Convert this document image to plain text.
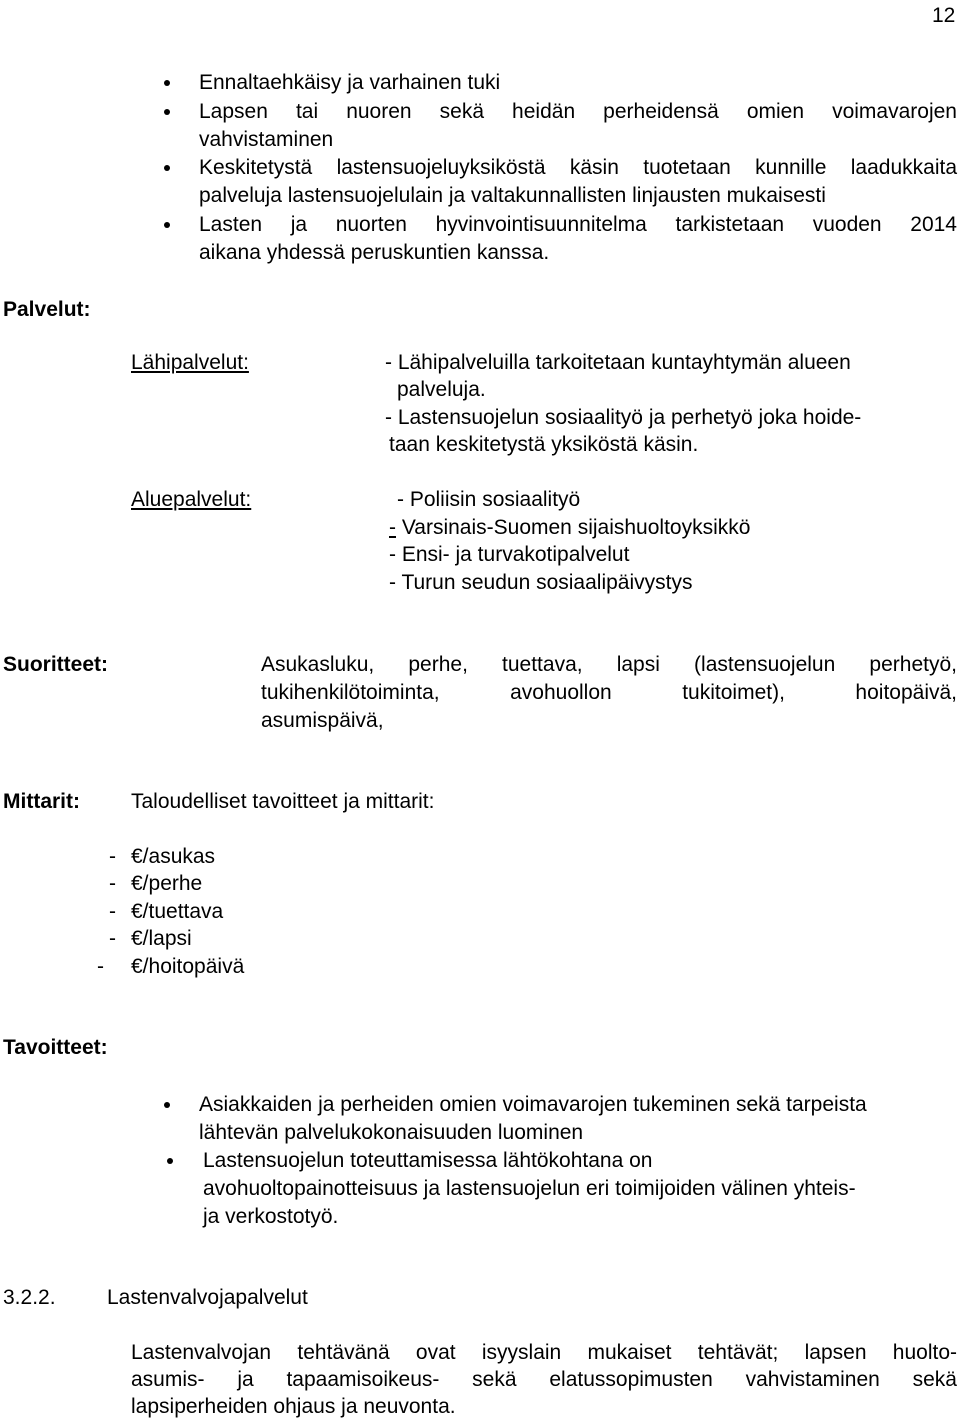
12
Ennaltaehkäisy ja varhainen tuki
Lapsen tai nuoren sekä heidän perheidensä omien voimavarojen
vahvistaminen
Keskitetystä lastensuojeluyksiköstä käsin tuotetaan kunnille laadukkaita
palveluja lastensuojelulain ja valtakunnallisten linjausten mukaisesti
Lasten ja nuorten hyvinvointisuunnitelma tarkistetaan vuoden 2014
aikana yhdessä peruskuntien kanssa.
Palvelut:
Lähipalvelut:	- Lähipalveluilla tarkoitetaan kuntayhtymän alueen
palveluja.
- Lastensuojelun sosiaalityö ja perhetyö joka hoide-
taan keskitetystä yksiköstä käsin.
Aluepalvelut:	- Poliisin sosiaalityö
- Varsinais-Suomen sijaishuoltoyksikkö
- Ensi- ja turvakotipalvelut
- Turun seudun sosiaalipäivystys
Suoritteet:	Asukasluku, perhe, tuettava, lapsi (lastensuojelun perhetyö,
tukihenkilötoiminta, avohuollon tukitoimet), hoitopäivä,
asumispäivä,
Mittarit: Taloudelliset tavoitteet ja mittarit:
- €/asukas
- €/perhe
- €/tuettava
- €/lapsi
- €/hoitopäivä
Tavoitteet:
Asiakkaiden ja perheiden omien voimavarojen tukeminen sekä tarpeista
lähtevän palvelukokonaisuuden luominen
Lastensuojelun toteuttamisessa lähtökohtana on
avohuoltopainotteisuus ja lastensuojelun eri toimijoiden välinen yhteis-
ja verkostotyö.
3.2.2. Lastenvalvojapalvelut
Lastenvalvojan tehtävänä ovat isyyslain mukaiset tehtävät; lapsen huolto-
asumis- ja tapaamisoikeus- sekä elatussopimusten vahvistaminen sekä
lapsiperheiden ohjaus ja neuvonta.
